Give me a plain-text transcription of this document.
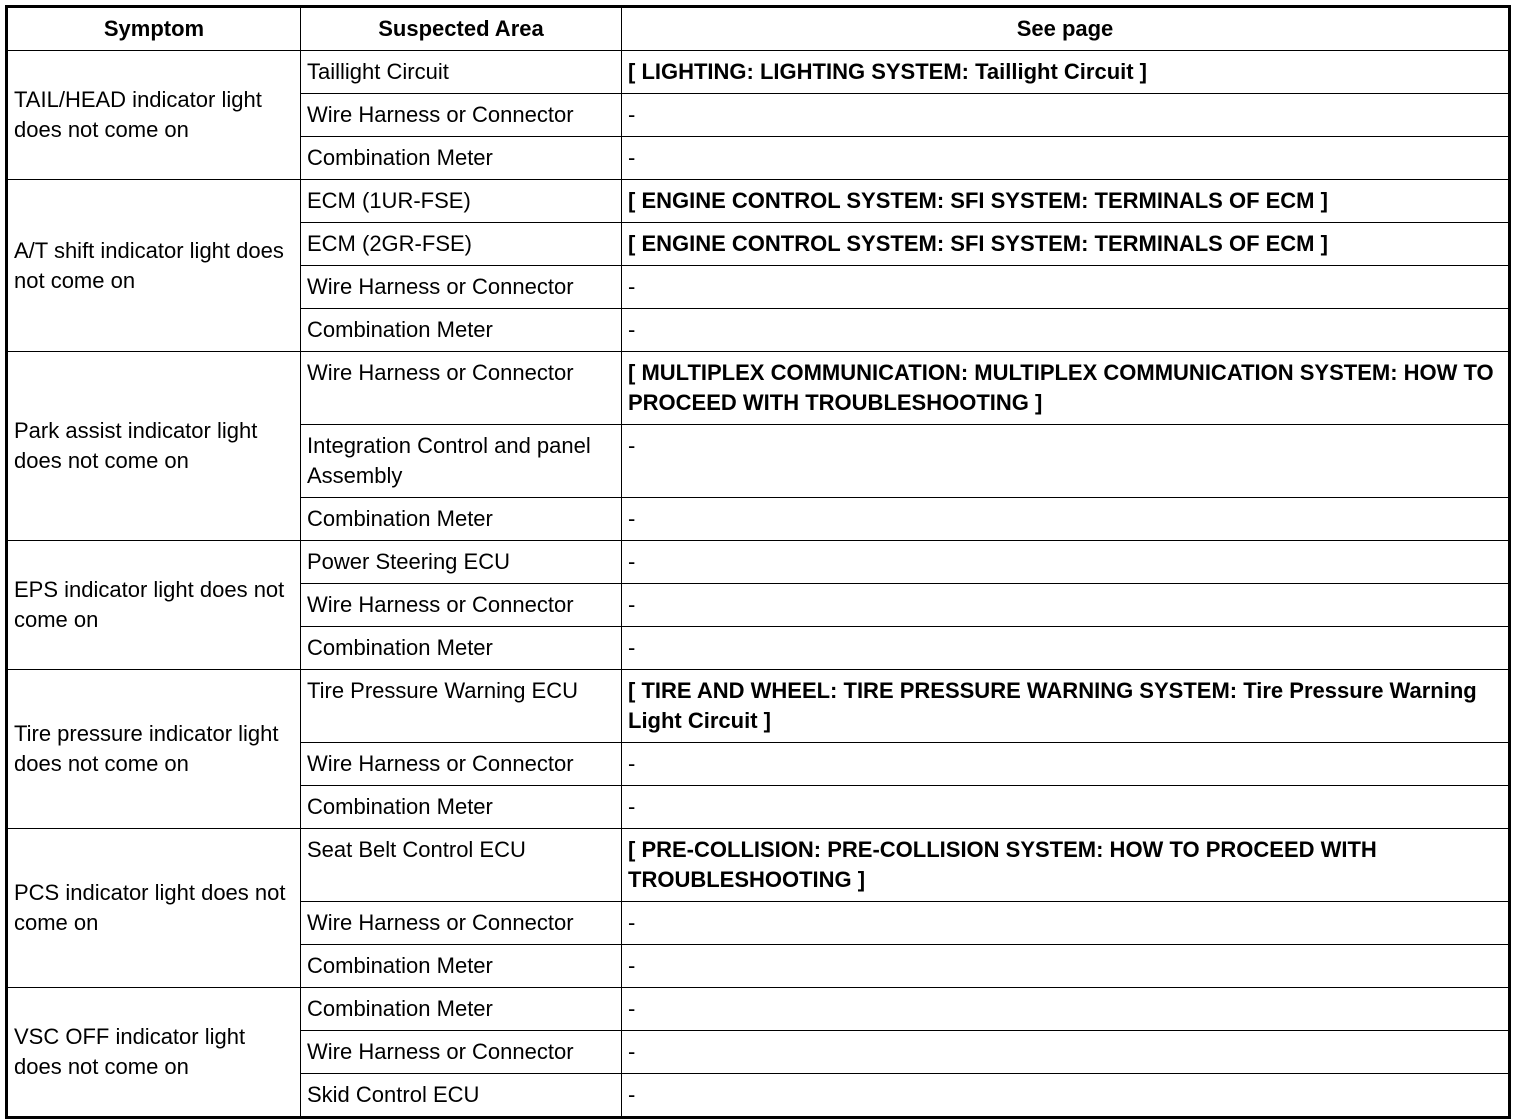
Symptom	Suspected Area	See page
TAIL/HEAD indicator light does not come on	Taillight Circuit	[ LIGHTING: LIGHTING SYSTEM: Taillight Circuit ]
	Wire Harness or Connector	-
	Combination Meter	-
A/T shift indicator light does not come on	ECM (1UR-FSE)	[ ENGINE CONTROL SYSTEM: SFI SYSTEM: TERMINALS OF ECM ]
	ECM (2GR-FSE)	[ ENGINE CONTROL SYSTEM: SFI SYSTEM: TERMINALS OF ECM ]
	Wire Harness or Connector	-
	Combination Meter	-
Park assist indicator light does not come on	Wire Harness or Connector	[ MULTIPLEX COMMUNICATION: MULTIPLEX COMMUNICATION SYSTEM: HOW TO PROCEED WITH TROUBLESHOOTING ]
	Integration Control and panel Assembly	-
	Combination Meter	-
EPS indicator light does not come on	Power Steering ECU	-
	Wire Harness or Connector	-
	Combination Meter	-
Tire pressure indicator light does not come on	Tire Pressure Warning ECU	[ TIRE AND WHEEL: TIRE PRESSURE WARNING SYSTEM: Tire Pressure Warning Light Circuit ]
	Wire Harness or Connector	-
	Combination Meter	-
PCS indicator light does not come on	Seat Belt Control ECU	[ PRE-COLLISION: PRE-COLLISION SYSTEM: HOW TO PROCEED WITH TROUBLESHOOTING ]
	Wire Harness or Connector	-
	Combination Meter	-
VSC OFF indicator light does not come on	Combination Meter	-
	Wire Harness or Connector	-
	Skid Control ECU	-
